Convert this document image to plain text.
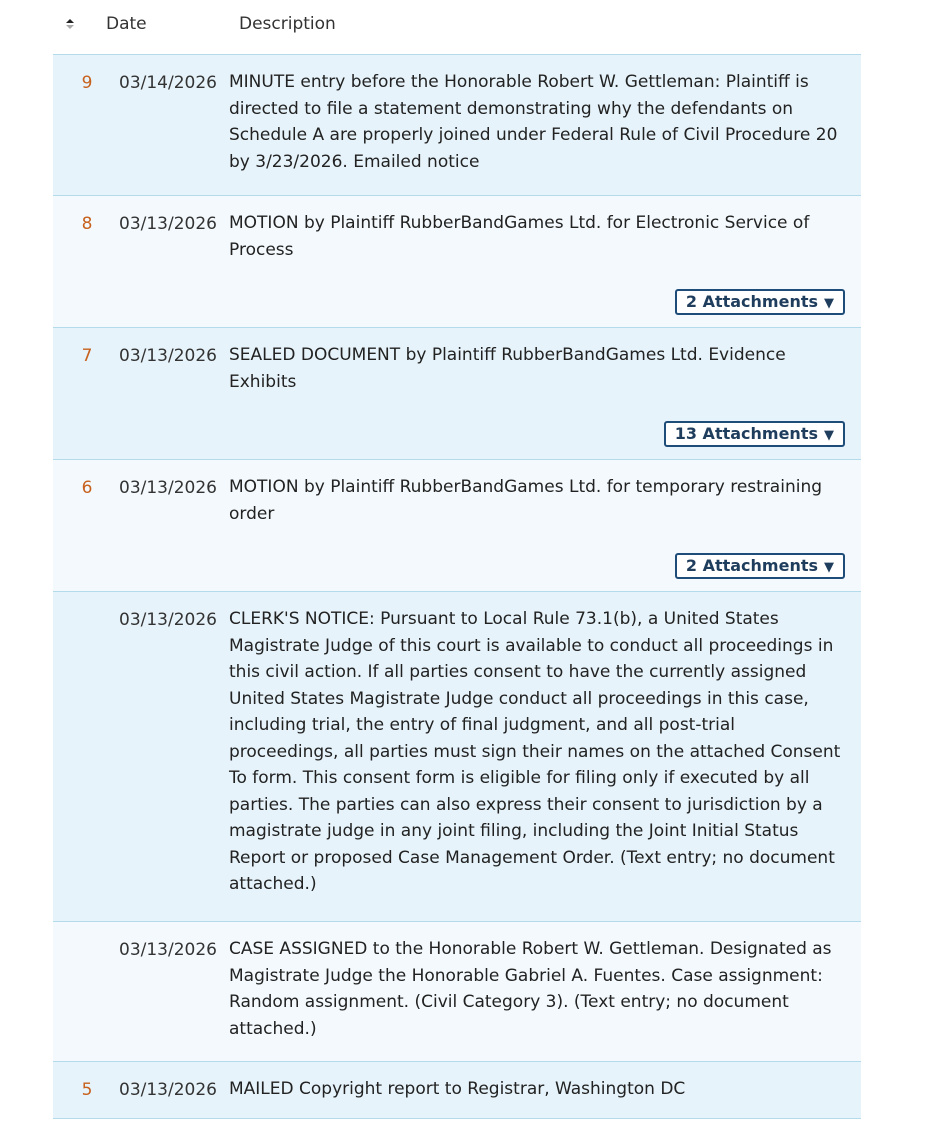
Date	Description
9	03/14/2026 MINUTE entry before the Honorable Robert W. Gettleman: Plaintiff is directed to file a statement demonstrating why the defendants on Schedule A are properly joined under Federal Rule of Civil Procedure 20 by 3/23/2026. Emailed notice
8	03/13/2026 MOTION by Plaintiff RubberBandGames Ltd. for Electronic Service of Process
2 Attachments ▼
7	03/13/2026 SEALED DOCUMENT by Plaintiff RubberBandGames Ltd. Evidence Exhibits
13 Attachments ▼
6	03/13/2026 MOTION by Plaintiff RubberBandGames Ltd. for temporary restraining order
2 Attachments ▼
03/13/2026 CLERK'S NOTICE: Pursuant to Local Rule 73.1(b), a United States Magistrate Judge of this court is available to conduct all proceedings in this civil action. If all parties consent to have the currently assigned United States Magistrate Judge conduct all proceedings in this case, including trial, the entry of final judgment, and all post-trial proceedings, all parties must sign their names on the attached Consent To form. This consent form is eligible for filing only if executed by all parties. The parties can also express their consent to jurisdiction by a magistrate judge in any joint filing, including the Joint Initial Status Report or proposed Case Management Order. (Text entry; no document attached.)
03/13/2026 CASE ASSIGNED to the Honorable Robert W. Gettleman. Designated as Magistrate Judge the Honorable Gabriel A. Fuentes. Case assignment: Random assignment. (Civil Category 3). (Text entry; no document attached.)
5	03/13/2026 MAILED Copyright report to Registrar, Washington DC
